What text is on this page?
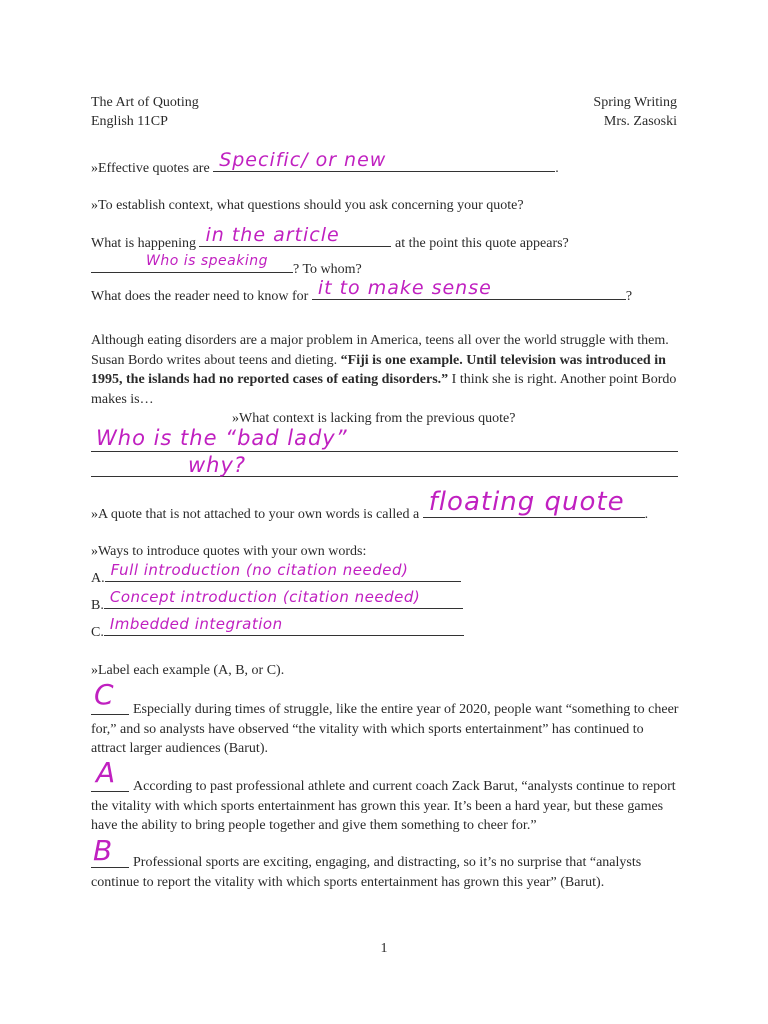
The Art of Quoting
English 11CP
Spring Writing
Mrs. Zasoski
»Effective quotes are Specific/ or new	.
»To establish context, what questions should you ask concerning your quote?
What is happening in the article	at the point this quote appears?
Who is speaking
? To whom?
What does the reader need to know for it to make sense	?
Although eating disorders are a major problem in America, teens all over the world struggle with them. Susan Bordo writes about teens and dieting. “Fiji is one example. Until television was introduced in 1995, the islands had no reported cases of eating disorders.” I think she is right. Another point Bordo makes is…
»What context is lacking from the previous quote?
Who is the “bad lady”
why?
»A quote that is not attached to your own words is called a floating quote .
»Ways to introduce quotes with your own words:
A. Full introduction (no citation needed)
B. Concept introduction (citation needed)
C. Imbedded integration
»Label each example (A, B, or C).
C	Especially during times of struggle, like the entire year of 2020, people want “something to cheer for,” and so analysts have observed “the vitality with which sports entertainment” has continued to attract larger audiences (Barut).
A	According to past professional athlete and current coach Zack Barut, “analysts continue to report the vitality with which sports entertainment has grown this year. It’s been a hard year, but these games have the ability to bring people together and give them something to cheer for.”
B	Professional sports are exciting, engaging, and distracting, so it’s no surprise that “analysts continue to report the vitality with which sports entertainment has grown this year” (Barut).
1
